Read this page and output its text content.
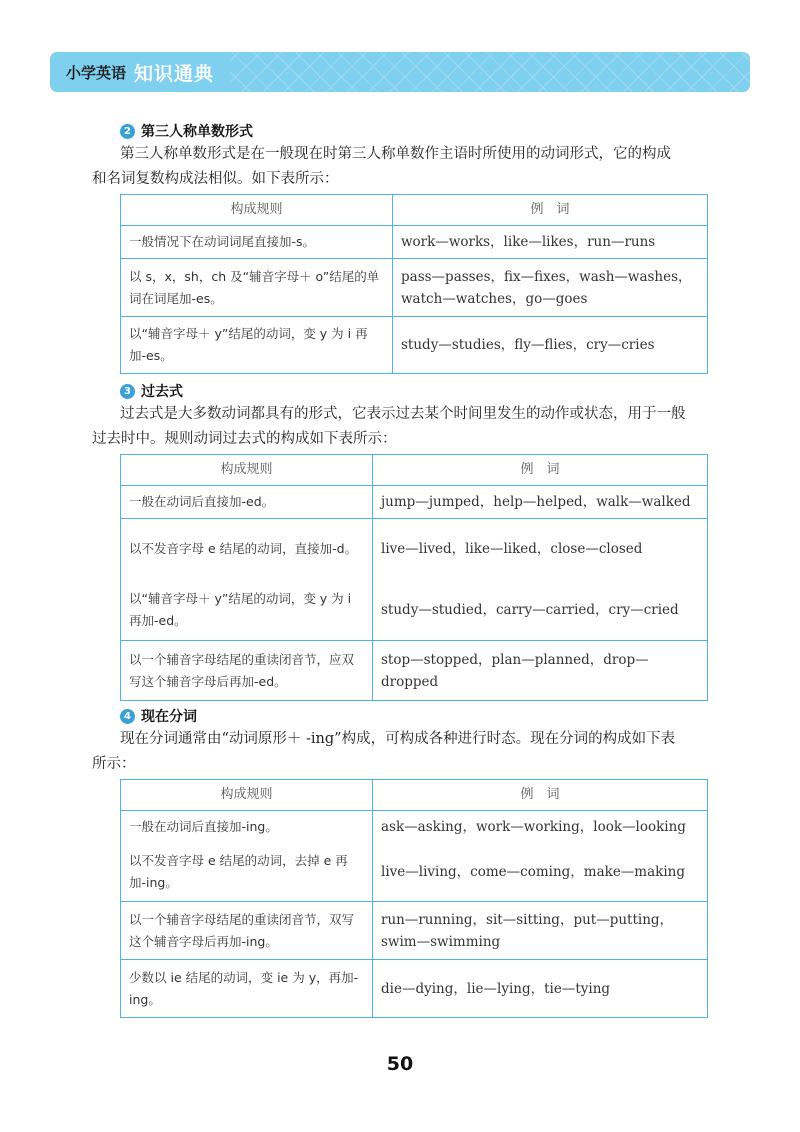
小学英语 知识通典
2 第三人称单数形式

第三人称单数形式是在一般现在时第三人称单数作主语时所使用的动词形式，它的构成
和名词复数构成法相似。如下表所示：

构成规则	例　词
一般情况下在动词词尾直接加-s。	work—works，like—likes，run—runs
以 s，x，sh，ch 及“辅音字母＋ o”结尾的单词在词尾加-es。	pass—passes，fix—fixes，wash—washes，watch—watches，go—goes
以“辅音字母＋ y”结尾的动词，变 y 为 i 再加-es。	study—studies，fly—flies，cry—cries
3 过去式

过去式是大多数动词都具有的形式，它表示过去某个时间里发生的动作或状态，用于一般
过去时中。规则动词过去式的构成如下表所示：

构成规则	例　词
一般在动词后直接加-ed。	jump—jumped，help—helped，walk—walked
以不发音字母 e 结尾的动词，直接加-d。	live—lived，like—liked，close—closed
以“辅音字母＋ y”结尾的动词，变 y 为 i 再加-ed。	study—studied，carry—carried，cry—cried
以一个辅音字母结尾的重读闭音节，应双写这个辅音字母后再加-ed。	stop—stopped，plan—planned，drop—dropped
4 现在分词

现在分词通常由“动词原形＋ -ing”构成，可构成各种进行时态。现在分词的构成如下表
所示：

构成规则	例　词
一般在动词后直接加-ing。	ask—asking，work—working，look—looking
以不发音字母 e 结尾的动词，去掉 e 再加-ing。	live—living，come—coming，make—making
以一个辅音字母结尾的重读闭音节，双写这个辅音字母后再加-ing。	run—running，sit—sitting，put—putting，swim—swimming
少数以 ie 结尾的动词，变 ie 为 y，再加-ing。	die—dying，lie—lying，tie—tying
50
